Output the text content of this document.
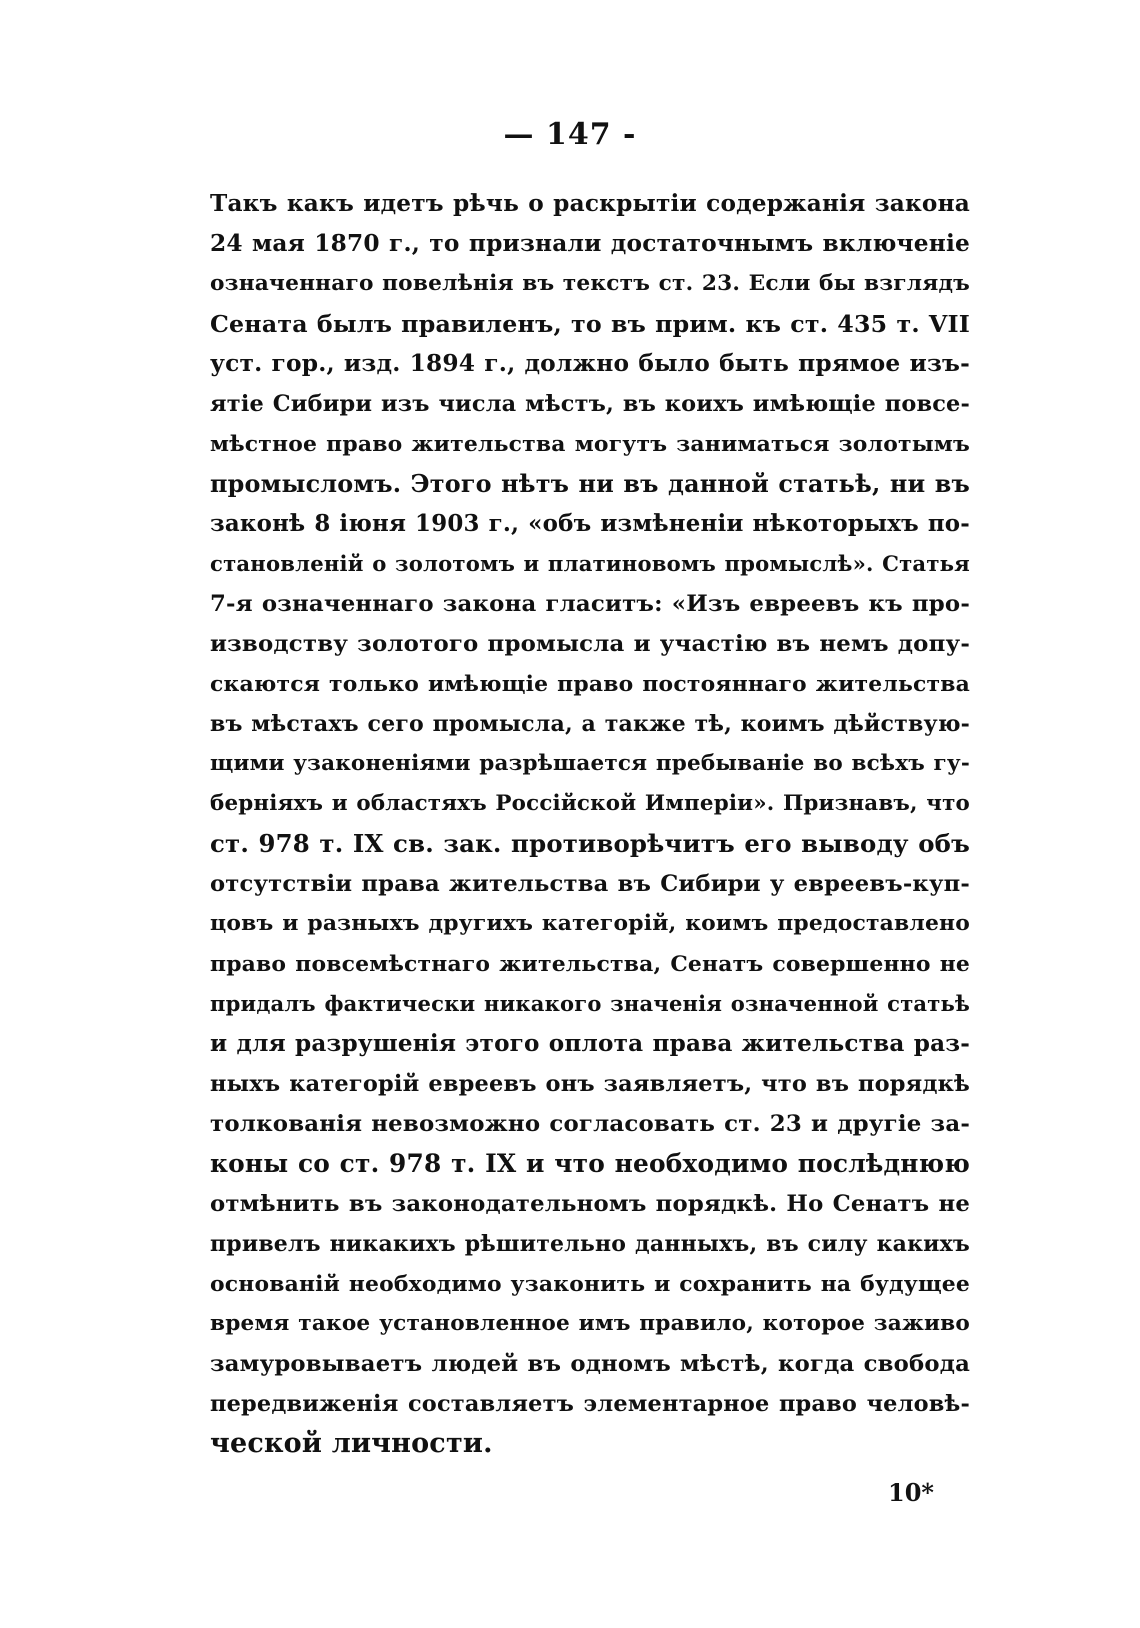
— 147 -
Такъ какъ идетъ рѣчь о раскрытіи содержанія закона
24 мая 1870 г., то признали достаточнымъ включеніе
означеннаго повелѣнія въ текстъ ст. 23. Если бы взглядъ
Сената былъ правиленъ, то въ прим. къ ст. 435 т. VII
уст. гор., изд. 1894 г., должно было быть прямое изъ-
ятіе Сибири изъ числа мѣстъ, въ коихъ имѣющіе повсе-
мѣстное право жительства могутъ заниматься золотымъ
промысломъ. Этого нѣтъ ни въ данной статьѣ, ни въ
законѣ 8 іюня 1903 г., «объ измѣненіи нѣкоторыхъ по-
становленій о золотомъ и платиновомъ промыслѣ». Статья
7-я означеннаго закона гласитъ: «Изъ евреевъ къ про-
изводству золотого промысла и участію въ немъ допу-
скаются только имѣющіе право постояннаго жительства
въ мѣстахъ сего промысла, а также тѣ, коимъ дѣйствую-
щими узаконеніями разрѣшается пребываніе во всѣхъ гу-
берніяхъ и областяхъ Россійской Имперіи». Признавъ, что
ст. 978 т. IX св. зак. противорѣчитъ его выводу объ
отсутствіи права жительства въ Сибири у евреевъ-куп-
цовъ и разныхъ другихъ категорій, коимъ предоставлено
право повсемѣстнаго жительства, Сенатъ совершенно не
придалъ фактически никакого значенія означенной статьѣ
и для разрушенія этого оплота права жительства раз-
ныхъ категорій евреевъ онъ заявляетъ, что въ порядкѣ
толкованія невозможно согласовать ст. 23 и другіе за-
коны со ст. 978 т. IX и что необходимо послѣднюю
отмѣнить въ законодательномъ порядкѣ. Но Сенатъ не
привелъ никакихъ рѣшительно данныхъ, въ силу какихъ
основаній необходимо узаконить и сохранить на будущее
время такое установленное имъ правило, которое заживо
замуровываетъ людей въ одномъ мѣстѣ, когда свобода
передвиженія составляетъ элементарное право человѣ-
ческой личности.
10*
